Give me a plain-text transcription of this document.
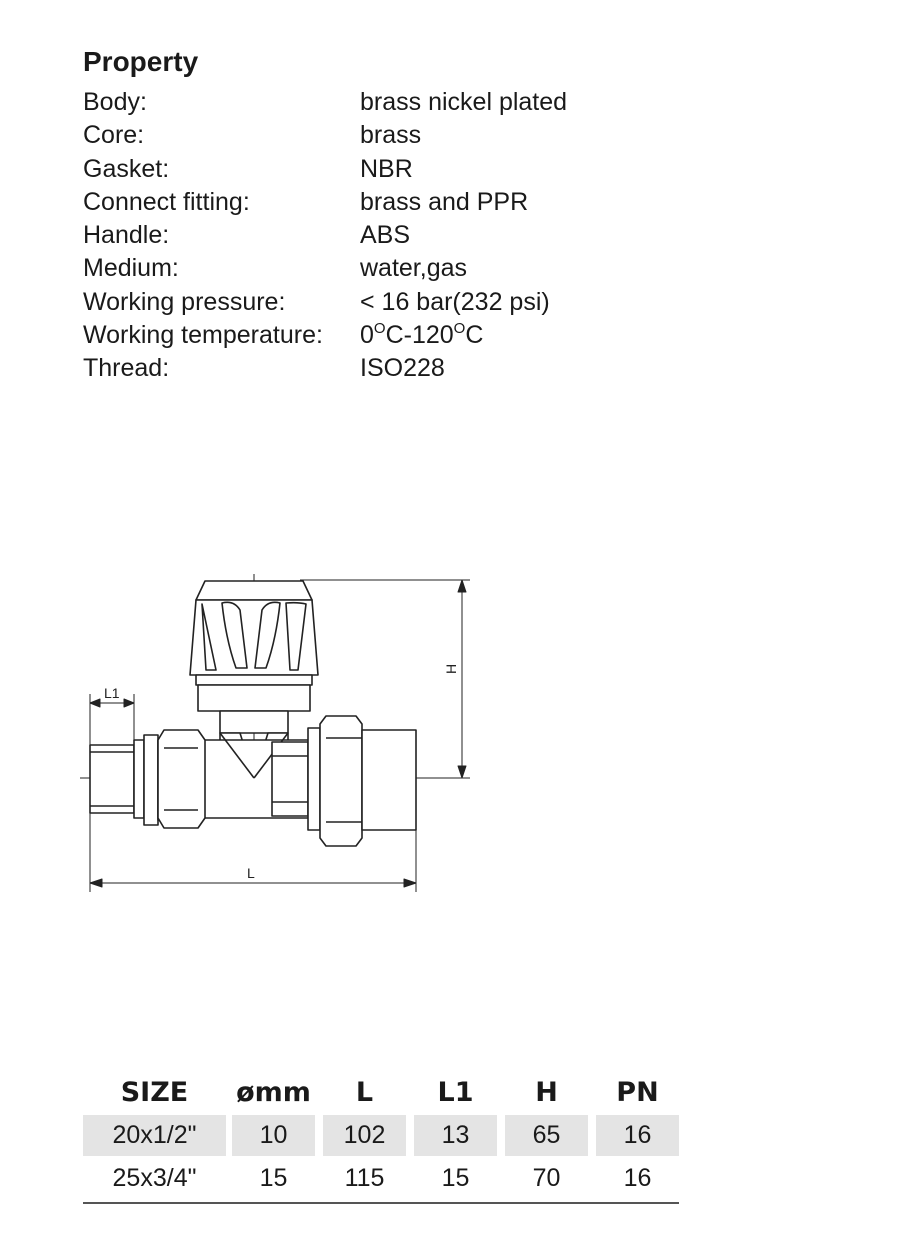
Property
Body:	brass nickel plated
Core:	brass
Gasket:	NBR
Connect fitting:	brass and PPR
Handle:	ABS
Medium:	water,gas
Working pressure:	< 16 bar(232 psi)
Working temperature:	$0^OC-120^OC$
Thread:	ISO228
H
L1
L
SIZE	ømm	L	L1	H	PN
20x1/2"	10	102	13	65	16
25x3/4"	15	115	15	70	16
